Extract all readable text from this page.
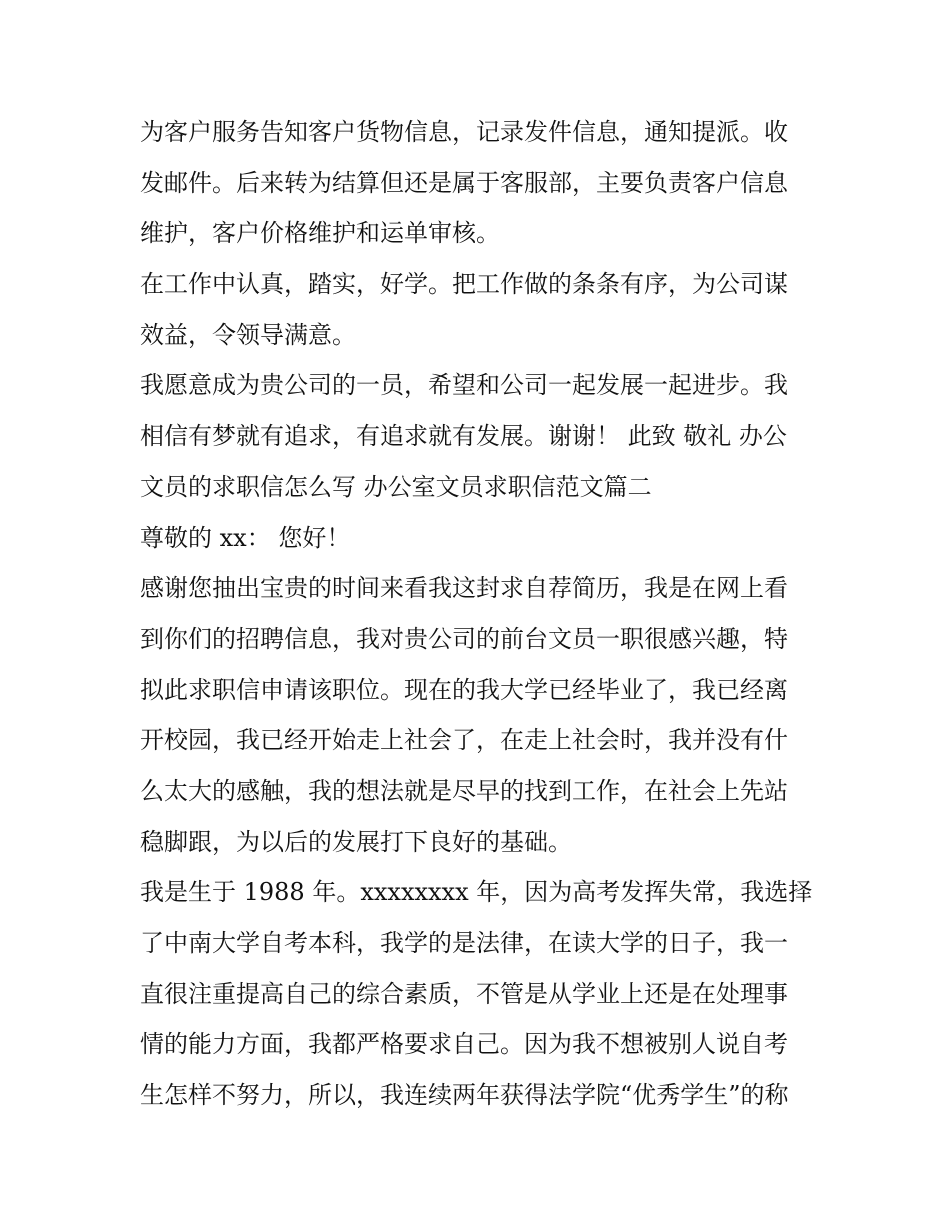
为客户服务告知客户货物信息，记录发件信息，通知提派。收
发邮件。后来转为结算但还是属于客服部，主要负责客户信息
维护，客户价格维护和运单审核。
在工作中认真，踏实，好学。把工作做的条条有序，为公司谋
效益，令领导满意。
我愿意成为贵公司的一员，希望和公司一起发展一起进步。我
相信有梦就有追求，有追求就有发展。谢谢！ 此致 敬礼 办公
文员的求职信怎么写 办公室文员求职信范文篇二
尊敬的 xx： 您好！
感谢您抽出宝贵的时间来看我这封求自荐简历，我是在网上看
到你们的招聘信息，我对贵公司的前台文员一职很感兴趣，特
拟此求职信申请该职位。现在的我大学已经毕业了，我已经离
开校园，我已经开始走上社会了，在走上社会时，我并没有什
么太大的感触，我的想法就是尽早的找到工作，在社会上先站
稳脚跟，为以后的发展打下良好的基础。
我是生于 1988 年。xxxxxxxx 年，因为高考发挥失常，我选择
了中南大学自考本科，我学的是法律，在读大学的日子，我一
直很注重提高自己的综合素质，不管是从学业上还是在处理事
情的能力方面，我都严格要求自己。因为我不想被别人说自考
生怎样不努力，所以，我连续两年获得法学院“优秀学生”的称
